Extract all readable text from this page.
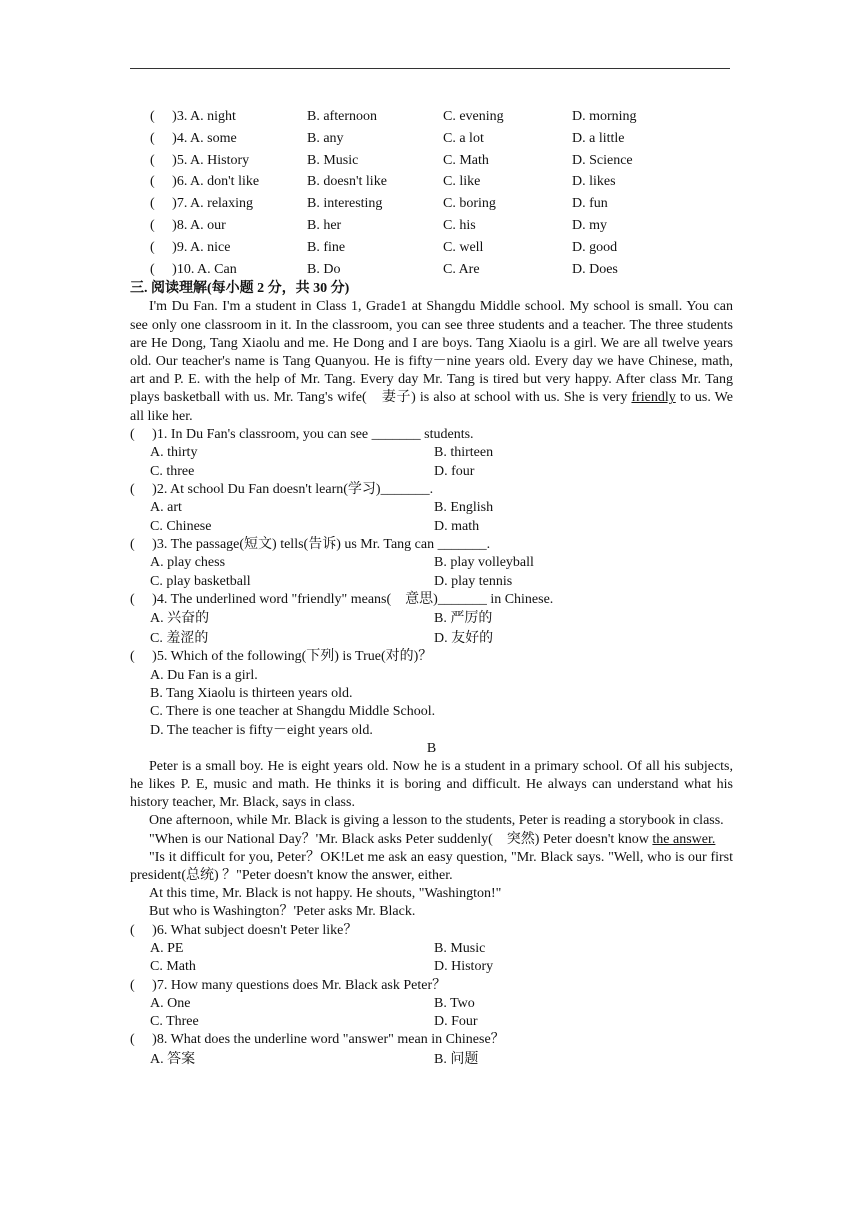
(　 )3. A. night	B. afternoon	C. evening	D. morning
(　 )4. A. some	B. any	C. a lot	D. a little
(　 )5. A. History	B. Music	C. Math	D. Science
(　 )6. A. don't like	B. doesn't like	C. like	D. likes
(　 )7. A. relaxing	B. interesting	C. boring	D. fun
(　 )8. A. our	B. her	C. his	D. my
(　 )9. A. nice	B. fine	C. well	D. good
(　 )10. A. Can	B. Do	C. Are	D. Does
三. 阅读理解(每小题 2 分，共 30 分)
I'm Du Fan. I'm a student in Class 1, Grade1 at Shangdu Middle school. My school is small. You can see only one classroom in it. In the classroom, you can see three students and a teacher. The three students are He Dong, Tang Xiaolu and me. He Dong and I are boys. Tang Xiaolu is a girl. We are all twelve years old. Our teacher's name is Tang Quanyou. He is fifty－nine years old. Every day we have Chinese, math, art and P. E. with the help of Mr. Tang. Every day Mr. Tang is tired but very happy. After class Mr. Tang plays basketball with us. Mr. Tang's wife(　妻子) is also at school with us. She is very friendly to us. We all like her.
(　 )1. In Du Fan's classroom, you can see _______ students.
A. thirty	B. thirteen
C. three	D. four
(　 )2. At school Du Fan doesn't learn(学习)_______.
A. art	B. English
C. Chinese	D. math
(　 )3. The passage(短文) tells(告诉) us Mr. Tang can _______.
A. play chess	B. play volleyball
C. play basketball	D. play tennis
(　 )4. The underlined word "friendly" means(　意思)_______ in Chinese.
A. 兴奋的	B. 严厉的
C. 羞涩的	D. 友好的
(　 )5. Which of the following(下列) is True(对的)？
A. Du Fan is a girl.
B. Tang Xiaolu is thirteen years old.
C. There is one teacher at Shangdu Middle School.
D. The teacher is fifty－eight years old.
B
Peter is a small boy. He is eight years old. Now he is a student in a primary school. Of all his subjects, he likes P. E, music and math. He thinks it is boring and difficult. He always can understand what his history teacher, Mr. Black, says in class.
One afternoon, while Mr. Black is giving a lesson to the students, Peter is reading a storybook in class.
"When is our National Day？'Mr. Black asks Peter suddenly(　突然) Peter doesn't know the answer.
"Is it difficult for you, Peter？OK!Let me ask an easy question, "Mr. Black says. "Well, who is our first president(总统) ？"Peter doesn't know the answer, either.
At this time, Mr. Black is not happy. He shouts, "Washington!"
But who is Washington？'Peter asks Mr. Black.
(　 )6. What subject doesn't Peter like？
A. PE	B. Music
C. Math	D. History
(　 )7. How many questions does Mr. Black ask Peter？
A. One	B. Two
C. Three	D. Four
(　 )8. What does the underline word "answer" mean in Chinese？
A. 答案	B. 问题
